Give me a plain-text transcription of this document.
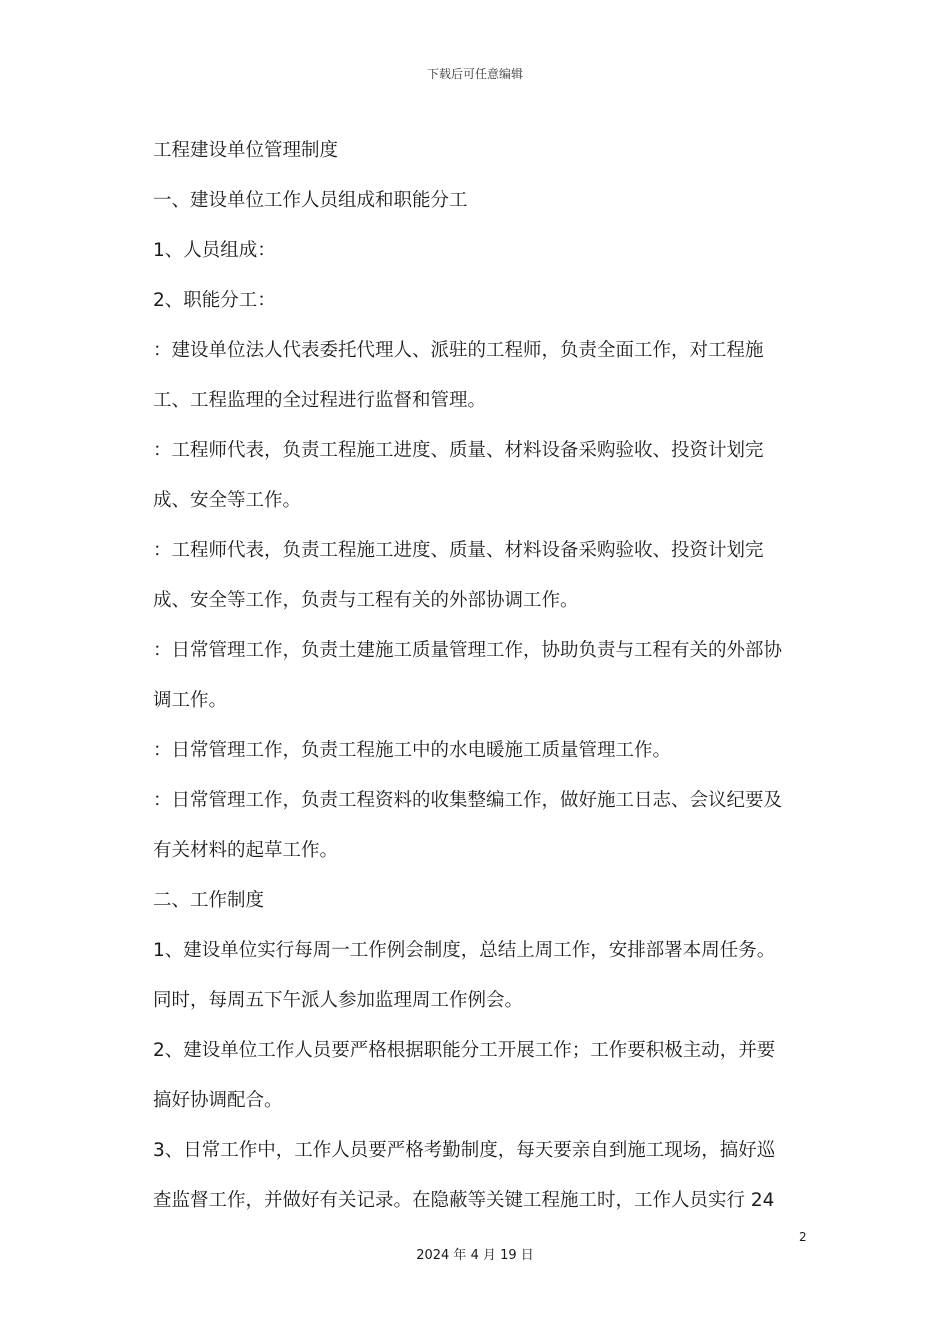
下载后可任意编辑
工程建设单位管理制度
一、建设单位工作人员组成和职能分工
1、人员组成：
2、职能分工：
：建设单位法人代表委托代理人、派驻的工程师，负责全面工作，对工程施
工、工程监理的全过程进行监督和管理。
：工程师代表，负责工程施工进度、质量、材料设备采购验收、投资计划完
成、安全等工作。
：工程师代表，负责工程施工进度、质量、材料设备采购验收、投资计划完
成、安全等工作，负责与工程有关的外部协调工作。
：日常管理工作，负责土建施工质量管理工作，协助负责与工程有关的外部协
调工作。
：日常管理工作，负责工程施工中的水电暖施工质量管理工作。
：日常管理工作，负责工程资料的收集整编工作，做好施工日志、会议纪要及
有关材料的起草工作。
二、工作制度
1、建设单位实行每周一工作例会制度，总结上周工作，安排部署本周任务。
同时，每周五下午派人参加监理周工作例会。
2、建设单位工作人员要严格根据职能分工开展工作；工作要积极主动，并要
搞好协调配合。
3、日常工作中，工作人员要严格考勤制度，每天要亲自到施工现场，搞好巡
查监督工作，并做好有关记录。在隐蔽等关键工程施工时，工作人员实行 24
2
2024 年 4 月 19 日
